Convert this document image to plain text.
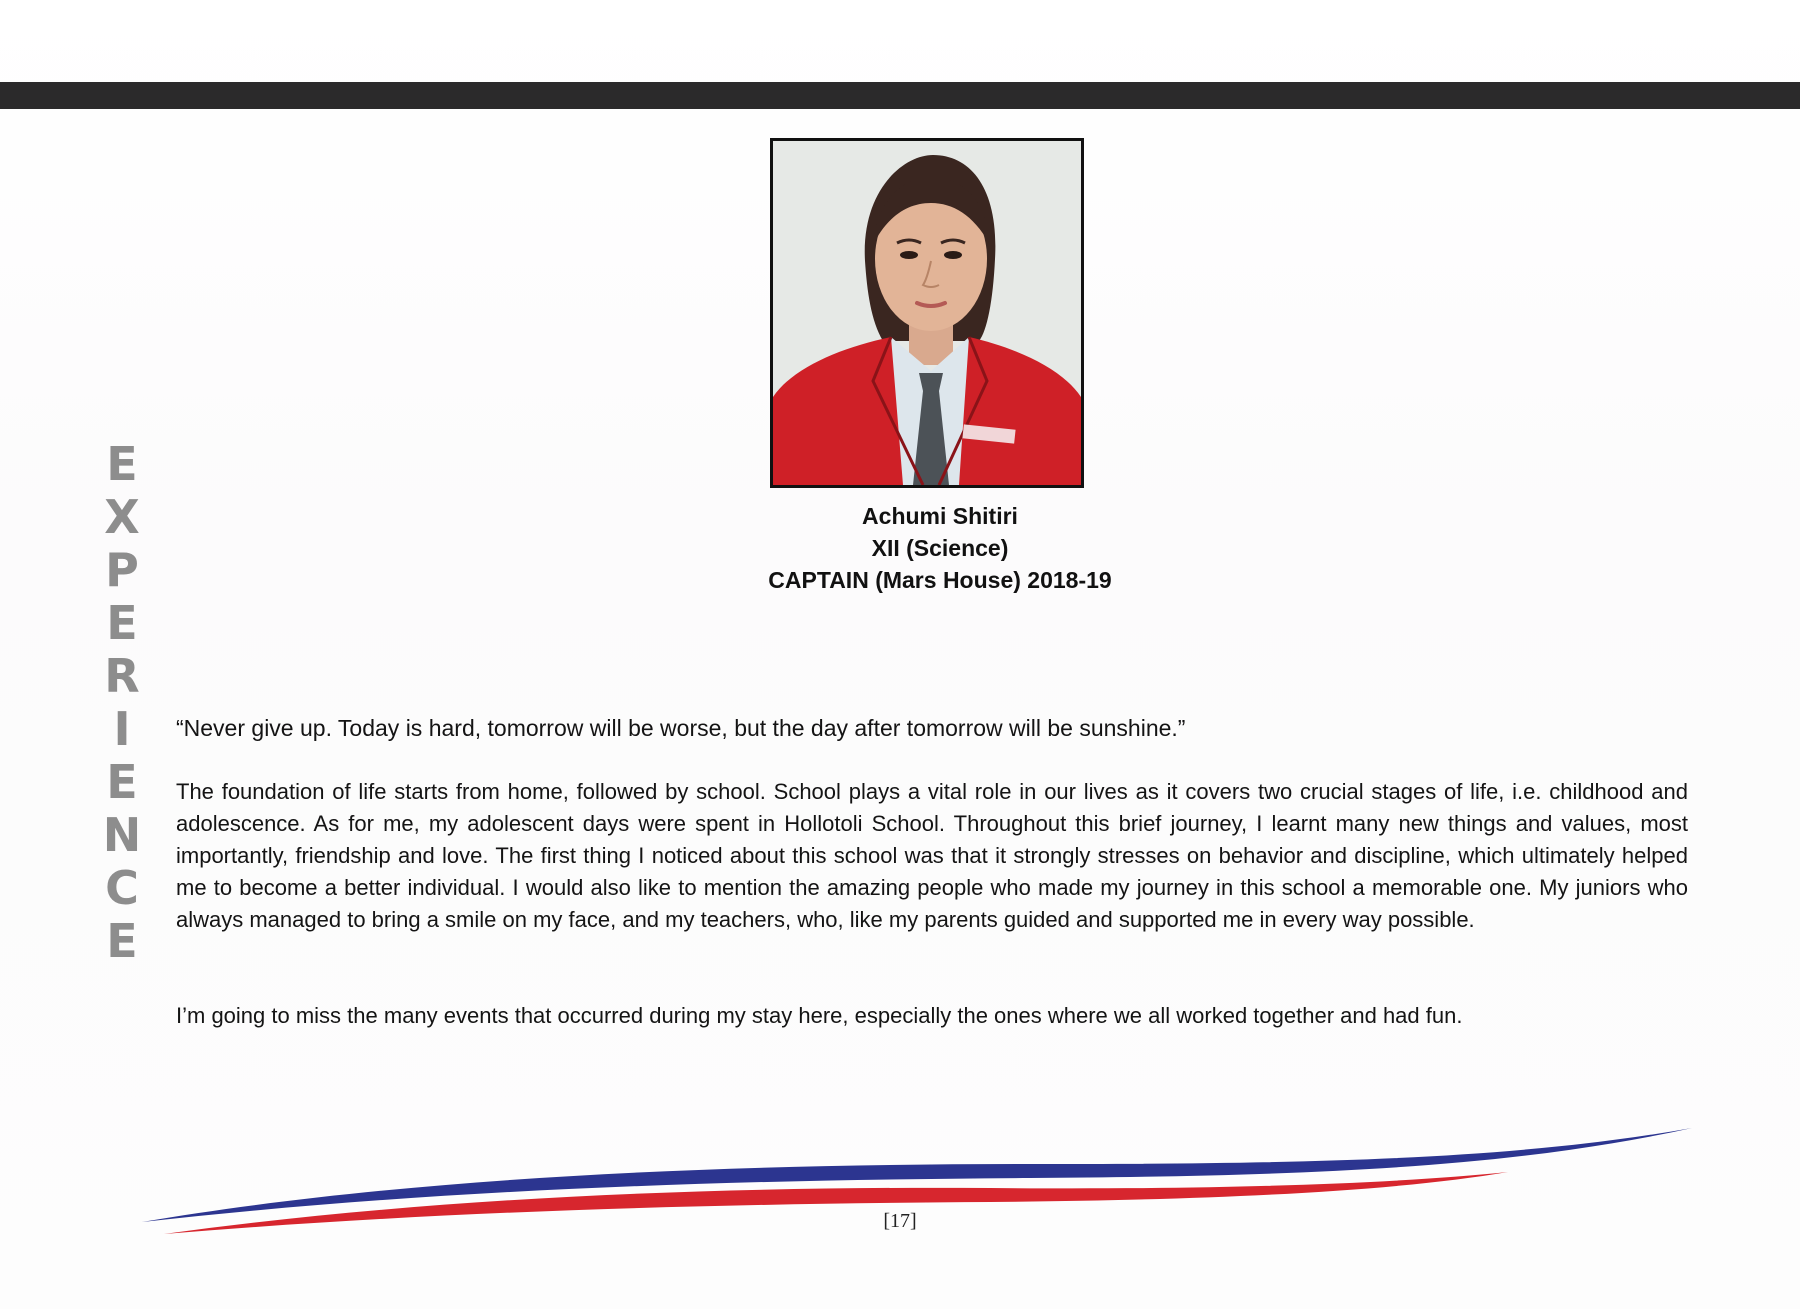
E
X
P
E
R
I
E
N
C
E
Achumi Shitiri
XII (Science)
CAPTAIN (Mars House) 2018-19
“Never give up. Today is hard, tomorrow will be worse, but the day after tomorrow will be sunshine.”
The foundation of life starts from home, followed by school. School plays a vital role in our lives as it covers two crucial stages of life, i.e. childhood and adolescence. As for me, my adolescent days were spent in Hollotoli School. Throughout this brief journey, I learnt many new things and values, most importantly, friendship and love. The first thing I noticed about this school was that it strongly stresses on behavior and discipline, which ultimately helped me to become a better individual. I would also like to mention the amazing people who made my journey in this school a memorable one. My juniors who always managed to bring a smile on my face, and my teachers, who, like my parents guided and supported me in every way possible.
I’m going to miss the many events that occurred during my stay here, especially the ones where we all worked together and had fun.
[17]
